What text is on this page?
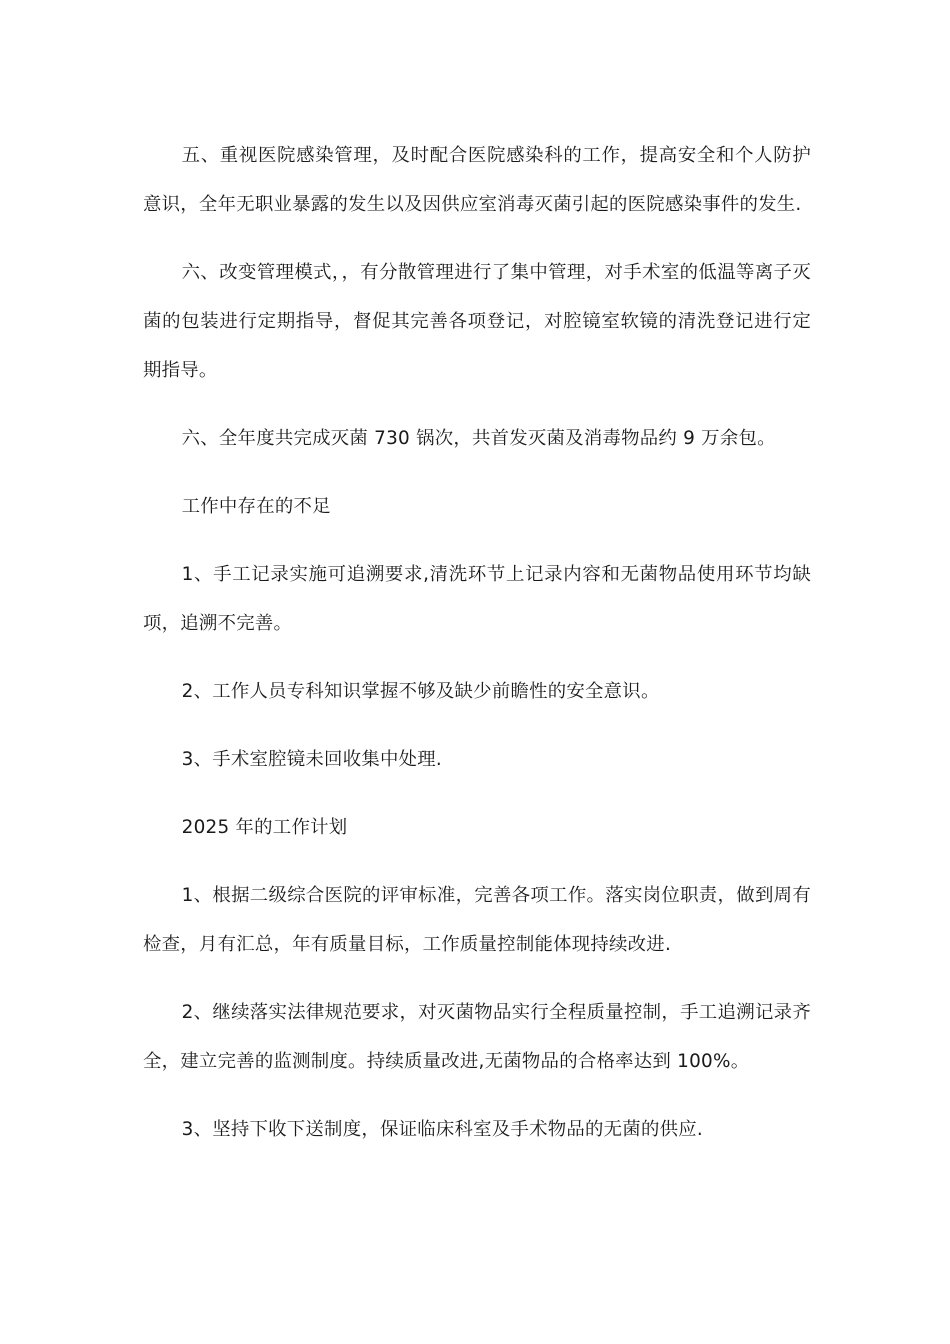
五、重视医院感染管理，及时配合医院感染科的工作，提高安全和个人防护意识，全年无职业暴露的发生以及因供应室消毒灭菌引起的医院感染事件的发生.

六、改变管理模式，，有分散管理进行了集中管理，对手术室的低温等离子灭菌的包装进行定期指导，督促其完善各项登记，对腔镜室软镜的清洗登记进行定期指导。

六、全年度共完成灭菌 730 锅次，共首发灭菌及消毒物品约 9 万余包。

工作中存在的不足

1、手工记录实施可追溯要求,清洗环节上记录内容和无菌物品使用环节均缺项，追溯不完善。

2、工作人员专科知识掌握不够及缺少前瞻性的安全意识。

3、手术室腔镜未回收集中处理.

2025 年的工作计划

1、根据二级综合医院的评审标准，完善各项工作。落实岗位职责，做到周有检查，月有汇总，年有质量目标，工作质量控制能体现持续改进.

2、继续落实法律规范要求，对灭菌物品实行全程质量控制，手工追溯记录齐全，建立完善的监测制度。持续质量改进,无菌物品的合格率达到 100%。

3、坚持下收下送制度，保证临床科室及手术物品的无菌的供应.
